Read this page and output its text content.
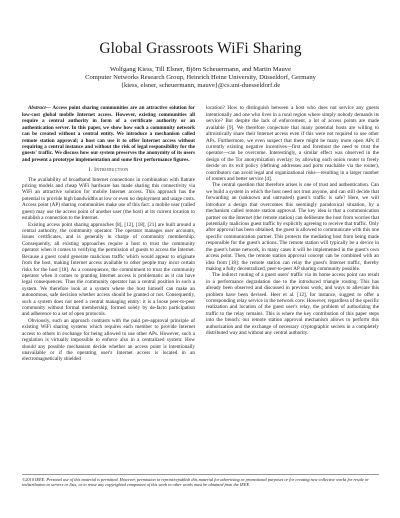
Global Grassroots WiFi Sharing
Wolfgang Kiess, Till Elsner, Björn Scheuermann, and Martin Mauve
Computer Networks Research Group, Heinrich Heine University, Düsseldorf, Germany
{kiess, elsner, scheuermann, mauve}@cs.uni-duesseldorf.de

Abstract— Access point sharing communities are an attractive solution for low-cost global mobile Internet access. However, existing communities all require a central authority in form of a certificate authority or an authentication server. In this paper, we show how such a community network can be created without a central entity. We introduce a mechanism called remote station approval; a host can use it to offer Internet access without requiring a central instance and without the risk of legal responsibility for the guests' traffic. We discuss how our system preserves the anonymity of its users and present a prototype implementation and some first performance figures.

I. Introduction

The availability of broadband Internet connections in combination with flatrate pricing models and cheap WiFi hardware has made sharing this connectivity via WiFi an attractive solution for mobile Internet access. This approach has the potential to provide high bandwidths at low or even no deployment and usage costs. Access point (AP) sharing communities make use of this fact: a mobile user (called guest) may use the access point of another user (the host) at its current location to establish a connection to the Internet.

Existing access point sharing approaches [8], [12], [18], [21] are built around a central authority, the community operator. The operator manages user accounts, issues certificates, and is generally in charge of community membership. Consequently, all existing approaches require a host to trust the community operator when it comes to verifying the permission of guests to access the Internet. Because a guest could generate malicious traffic which would appear to originate from the host, making Internet access available to other people may incur certain risks for the host [18]. As a consequence, the commitment to trust the community operator when it comes to granting Internet access is problematic as it can have legal consequences. Thus the community operator has a central position in such a system. We therefore look at a system where the host himself can make an autonomous, safe decision whether access should be granted or not. Consequently, such a system does not need a central managing entity: it is a loose peer-to-peer community without formal membership, formed solely by de-facto participation and adherence to a set of open protocols.

Obviously, such an approach contrasts with the paid pre-approval principle of existing WiFi sharing systems which requires each member to provide Internet access to others in exchange for being allowed to use other APs. However, such a regulation is virtually impossible to enforce also in a centralized system: How should any possible mechanism decide whether an access point is intentionally unavailable or if the operating user's Internet access is located in an electromagnetically shielded

location? How to distinguish between a host who does not service any guests intentionally and one who lives in a rural region where simply nobody demands its service? But despite the lack of enforcement, a lot of access points are made available [9]. We therefore conjecture that many potential hosts are willing to altruistically share their Internet access even if this were not required to use other APs. Furthermore, we even suspect that there might be many more open APs if currently existing negative incentives—first and foremost the need to trust the operator—can be overcome. Interestingly, a similar effect was observed in the design of the Tor anonymization overlay: by allowing each onion router to freely decide on its exit policy (defining addresses and ports reachable via the router), contributors can avoid legal and organizational risks—resulting in a larger number of routers and better service [4].

The central question that therefore arises is one of trust and authentication. Can we build a system in which the host need not trust anyone, and can still decide that forwarding an (unknown and untrusted) guest's traffic is safe? Here, we will introduce a design that overcomes this seemingly paradoxical situation, by a mechanism called remote station approval. The key idea is that a communication partner on the Internet (the remote station) can deliberate the host from worries that potentially malicious guest traffic by explicitly agreeing to receive that traffic. Only after approval has been obtained, the guest is allowed to communicate with this one specific communication partner. This protects the mediating host from being made responsible for the guest's actions. The remote station will typically be a device in the guest's home network, in many cases it will be implemented in the guest's own access point. Then, the remote station approval concept can be combined with an idea from [18]: the remote station can relay the guest's Internet traffic, thereby making a fully decentralized, peer-to-peer AP sharing community possible.

The indirect routing of a guest users' traffic via its home access point can result in a performance degradation due to the introduced triangle routing. This has already been observed and discussed in previous work, and ways to alleviate this problem have been devised. Heer et al. [12], for instance, suggest to offer a corresponding relay service in the network core. However, regardless of the specific realization and location of the guest user's relay, the problem of authorizing the traffic to the relay remains. This is where the key contribution of this paper steps into the breach: our remote station approval mechanism allows to perform this authorization and the exchange of necessary cryptographic secrets in a completely distributed way and without any central authority.

©2010 IEEE. Personal use of this material is permitted. However, permission to reprint/republish this material for advertising or promotional purposes or for creating new collective works for resale or redistribution to servers or lists, or to reuse any copyrighted component of this work in other works must be obtained from the IEEE.
